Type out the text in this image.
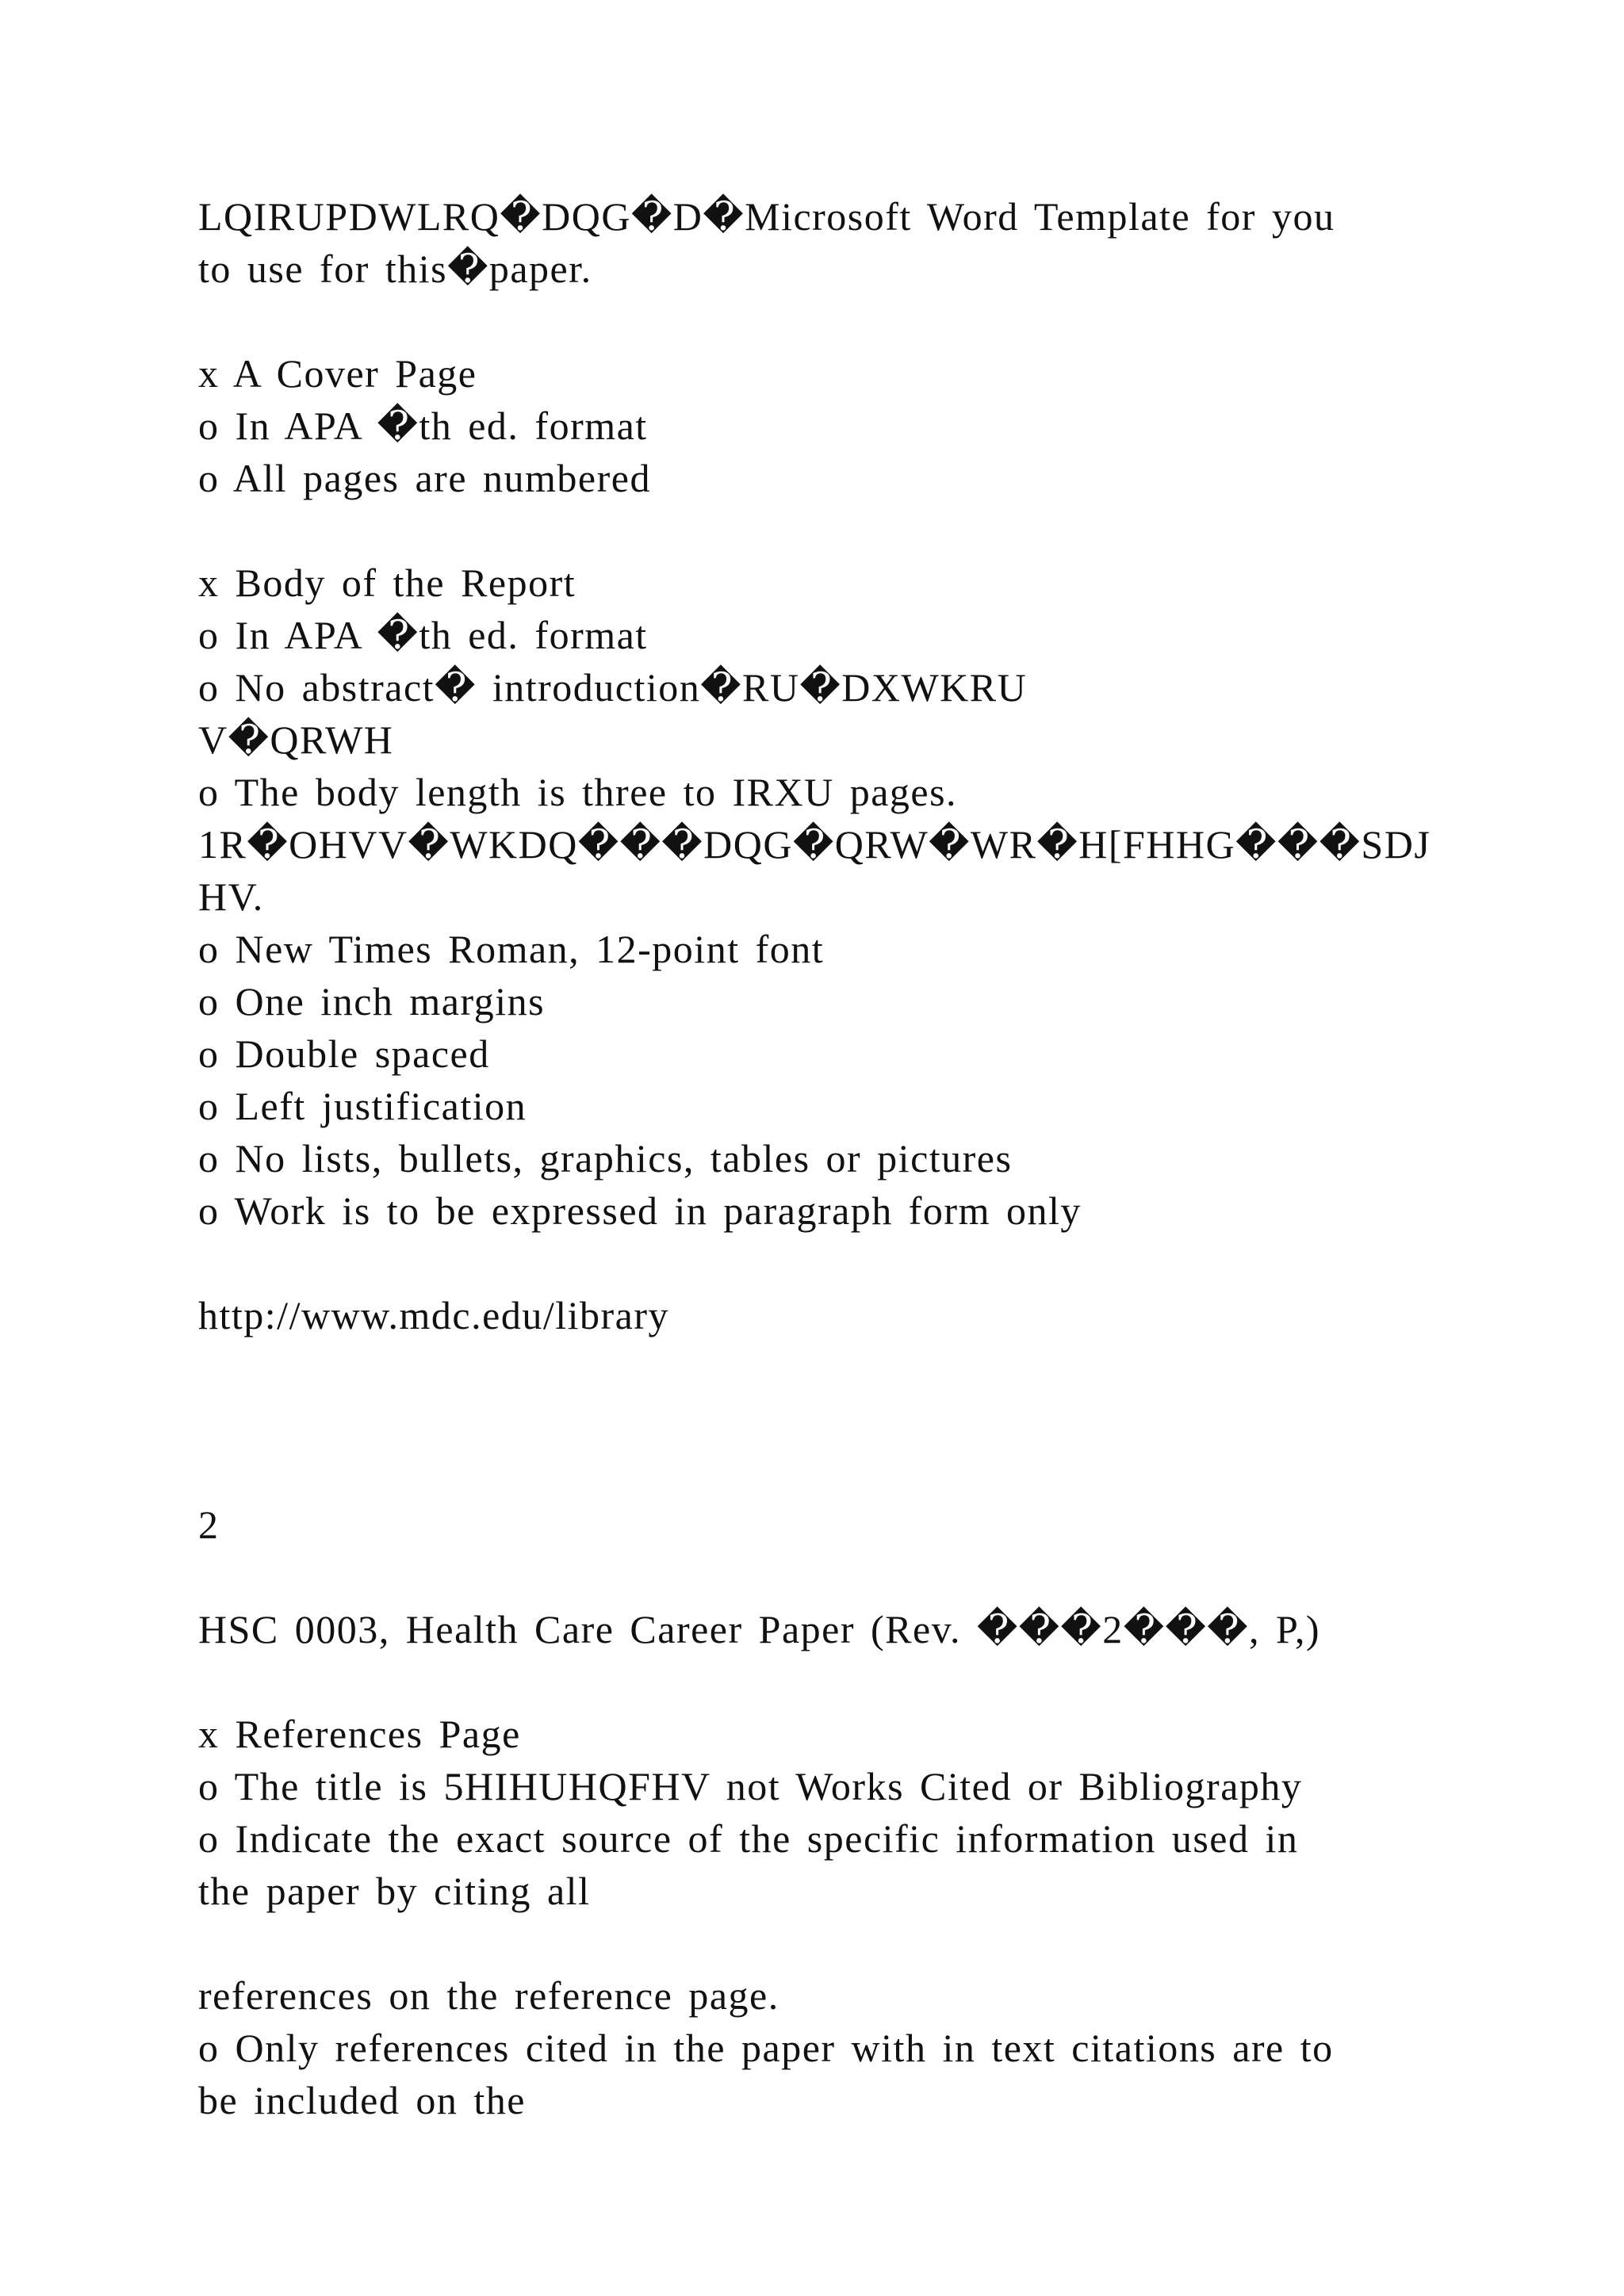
LQIRUPDWLRQ�DQG�D�Microsoft Word Template for you
to use for this�paper.
x A Cover Page
o In APA �th ed. format
o All pages are numbered
x Body of the Report
o In APA �th ed. format
o No abstract� introduction�RU�DXWKRU
V�QRWH
o The body length is three to IRXU pages.
1R�OHVV�WKDQ���DQG�QRW�WR�H[FHHG���SDJ
HV.
o New Times Roman, 12-point font
o One inch margins
o Double spaced
o Left justification
o No lists, bullets, graphics, tables or pictures
o Work is to be expressed in paragraph form only
http://www.mdc.edu/library
2
HSC 0003, Health Care Career Paper (Rev. ���2���, P,)
x References Page
o The title is 5HIHUHQFHV not Works Cited or Bibliography
o Indicate the exact source of the specific information used in
the paper by citing all
references on the reference page.
o Only references cited in the paper with in text citations are to
be included on the
